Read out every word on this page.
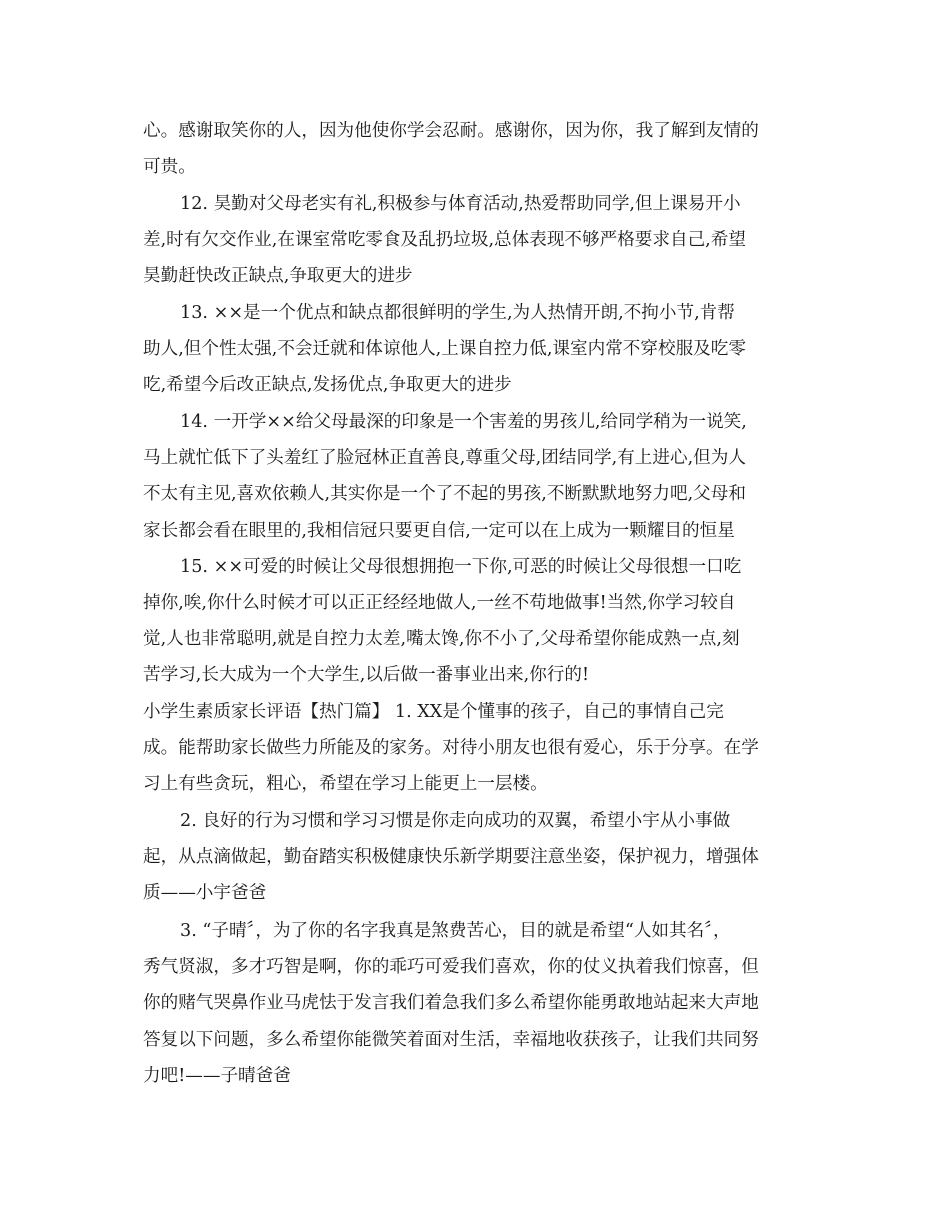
心。感谢取笑你的人，因为他使你学会忍耐。感谢你，因为你，我了解到友情的
可贵。
12. 昊勤对父母老实有礼,积极参与体育活动,热爱帮助同学,但上课易开小
差,时有欠交作业,在课室常吃零食及乱扔垃圾,总体表现不够严格要求自己,希望
昊勤赶快改正缺点,争取更大的进步
13. ××是一个优点和缺点都很鲜明的学生,为人热情开朗,不拘小节,肯帮
助人,但个性太强,不会迁就和体谅他人,上课自控力低,课室内常不穿校服及吃零
吃,希望今后改正缺点,发扬优点,争取更大的进步
14. 一开学××给父母最深的印象是一个害羞的男孩儿,给同学稍为一说笑,
马上就忙低下了头羞红了脸冠林正直善良,尊重父母,团结同学,有上进心,但为人
不太有主见,喜欢依赖人,其实你是一个了不起的男孩,不断默默地努力吧,父母和
家长都会看在眼里的,我相信冠只要更自信,一定可以在上成为一颗耀目的恒星
15. ××可爱的时候让父母很想拥抱一下你,可恶的时候让父母很想一口吃
掉你,唉,你什么时候才可以正正经经地做人,一丝不苟地做事!当然,你学习较自
觉,人也非常聪明,就是自控力太差,嘴太馋,你不小了,父母希望你能成熟一点,刻
苦学习,长大成为一个大学生,以后做一番事业出来,你行的!
小学生素质家长评语【热门篇】 1. XX是个懂事的孩子，自己的事情自己完
成。能帮助家长做些力所能及的家务。对待小朋友也很有爱心，乐于分享。在学
习上有些贪玩，粗心，希望在学习上能更上一层楼。
2. 良好的行为习惯和学习习惯是你走向成功的双翼，希望小宇从小事做
起，从点滴做起，勤奋踏实积极健康快乐新学期要注意坐姿，保护视力，增强体
质——小宇爸爸
3. “子晴〞，为了你的名字我真是煞费苦心，目的就是希望“人如其名〞，
秀气贤淑，多才巧智是啊，你的乖巧可爱我们喜欢，你的仗义执着我们惊喜，但
你的赌气哭鼻作业马虎怯于发言我们着急我们多么希望你能勇敢地站起来大声地
答复以下问题，多么希望你能微笑着面对生活，幸福地收获孩子，让我们共同努
力吧!——子晴爸爸
